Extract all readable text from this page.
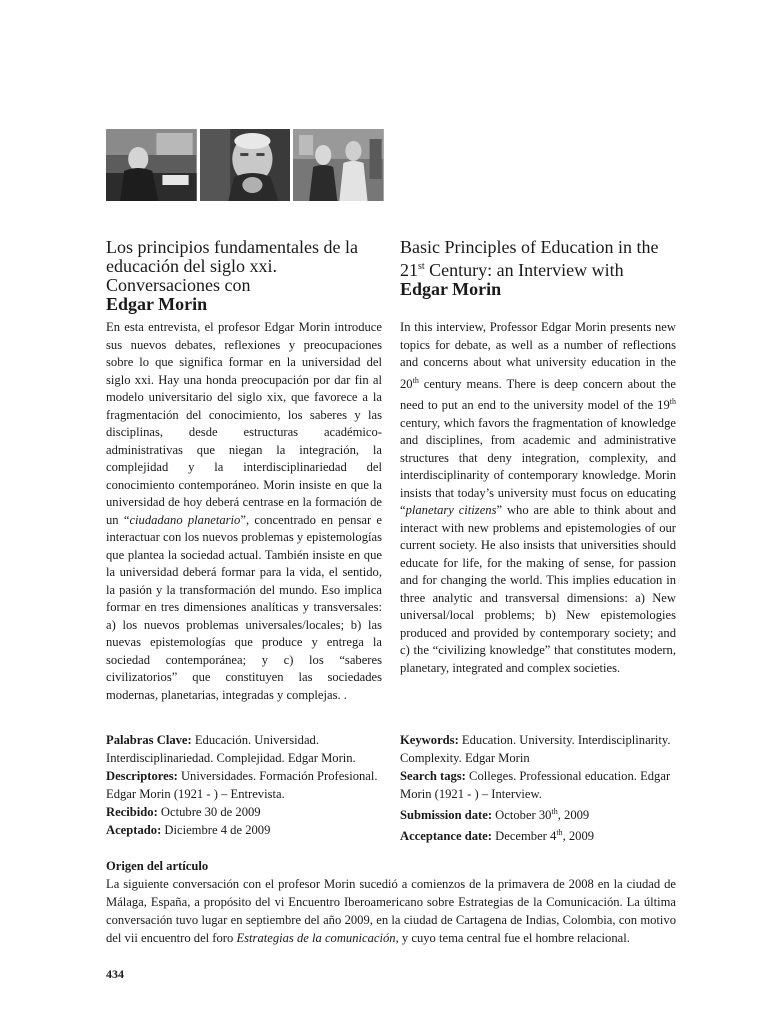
Los principios fundamentales de la educación del siglo xxi. Conversaciones con
Edgar Morin

En esta entrevista, el profesor Edgar Morin introduce sus nuevos debates, reflexiones y preocupaciones sobre lo que significa formar en la universidad del siglo xxi. Hay una honda preocupación por dar fin al modelo universitario del siglo xix, que favorece a la fragmentación del conocimiento, los saberes y las disciplinas, desde estructuras académico-administrativas que niegan la integración, la complejidad y la interdisciplinariedad del conocimiento contemporáneo. Morin insiste en que la universidad de hoy deberá centrase en la formación de un “ciudadano planetario”, concentrado en pensar e interactuar con los nuevos problemas y epistemologías que plantea la sociedad actual. También insiste en que la universidad deberá formar para la vida, el sentido, la pasión y la transformación del mundo. Eso implica formar en tres dimensiones analíticas y transversales: a) los nuevos problemas universales/locales; b) las nuevas epistemologías que produce y entrega la sociedad contemporánea; y c) los “saberes civilizatorios” que constituyen las sociedades modernas, planetarias, integradas y complejas. .

Basic Principles of Education in the 21st Century: an Interview with
Edgar Morin

In this interview, Professor Edgar Morin presents new topics for debate, as well as a number of reflections and concerns about what university education in the 20th century means. There is deep concern about the need to put an end to the university model of the 19th century, which favors the fragmentation of knowledge and disciplines, from academic and administrative structures that deny integration, complexity, and interdisciplinarity of contemporary knowledge. Morin insists that today’s university must focus on educating “planetary citizens” who are able to think about and interact with new problems and epistemologies of our current society. He also insists that universities should educate for life, for the making of sense, for passion and for changing the world. This implies education in three analytic and transversal dimensions: a) New universal/local problems; b) New epistemologies produced and provided by contemporary society; and c) the “civilizing knowledge” that constitutes modern, planetary, integrated and complex societies.

Palabras Clave: Educación. Universidad. Interdisciplinariedad. Complejidad. Edgar Morin.

Descriptores: Universidades. Formación Profesional. Edgar Morin (1921 - ) – Entrevista.

Recibido: Octubre 30 de 2009

Aceptado: Diciembre 4 de 2009

Keywords: Education. University. Interdisciplinarity. Complexity. Edgar Morin

Search tags: Colleges. Professional education. Edgar Morin (1921 - ) – Interview.

Submission date: October 30th, 2009

Acceptance date: December 4th, 2009

Origen del artículo

La siguiente conversación con el profesor Morin sucedió a comienzos de la primavera de 2008 en la ciudad de Málaga, España, a propósito del vi Encuentro Iberoamericano sobre Estrategias de la Comunicación. La última conversación tuvo lugar en septiembre del año 2009, en la ciudad de Cartagena de Indias, Colombia, con motivo del vii encuentro del foro Estrategias de la comunicación, y cuyo tema central fue el hombre relacional.

434
